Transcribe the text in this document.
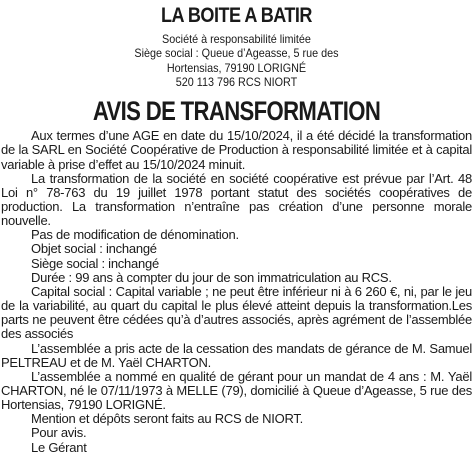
LA BOITE A BATIR
Société à responsabilité limitée
Siège social : Queue d’Ageasse, 5 rue des
Hortensias, 79190 LORIGNÉ
520 113 796 RCS NIORT
AVIS DE TRANSFORMATION

Aux termes d’une AGE en date du 15/10/2024, il a été décidé la transformation de la SARL en Société Coopérative de Production à responsabilité limitée et à capital variable à prise d’effet au 15/10/2024 minuit.

La transformation de la société en société coopérative est prévue par l’Art. 48 Loi n° 78-763 du 19 juillet 1978 portant statut des sociétés coopératives de production. La transformation n’entraîne pas création d’une personne morale nouvelle.

Pas de modification de dénomination.

Objet social : inchangé

Siège social : inchangé

Durée : 99 ans à compter du jour de son immatriculation au RCS.

Capital social : Capital variable ; ne peut être inférieur ni à 6 260 €, ni, par le jeu de la variabilité, au quart du capital le plus élevé atteint depuis la transformation.Les parts ne peuvent être cédées qu’à d’autres associés, après agrément de l’assemblée des associés

L’assemblée a pris acte de la cessation des mandats de gérance de M. Samuel PELTREAU et de M. Yaël CHARTON.

L’assemblée a nommé en qualité de gérant pour un mandat de 4 ans : M. Yaël CHARTON, né le 07/11/1973 à MELLE (79), domicilié à Queue d’Ageasse, 5 rue des Hortensias, 79190 LORIGNÉ.

Mention et dépôts seront faits au RCS de NIORT.

Pour avis.

Le Gérant
